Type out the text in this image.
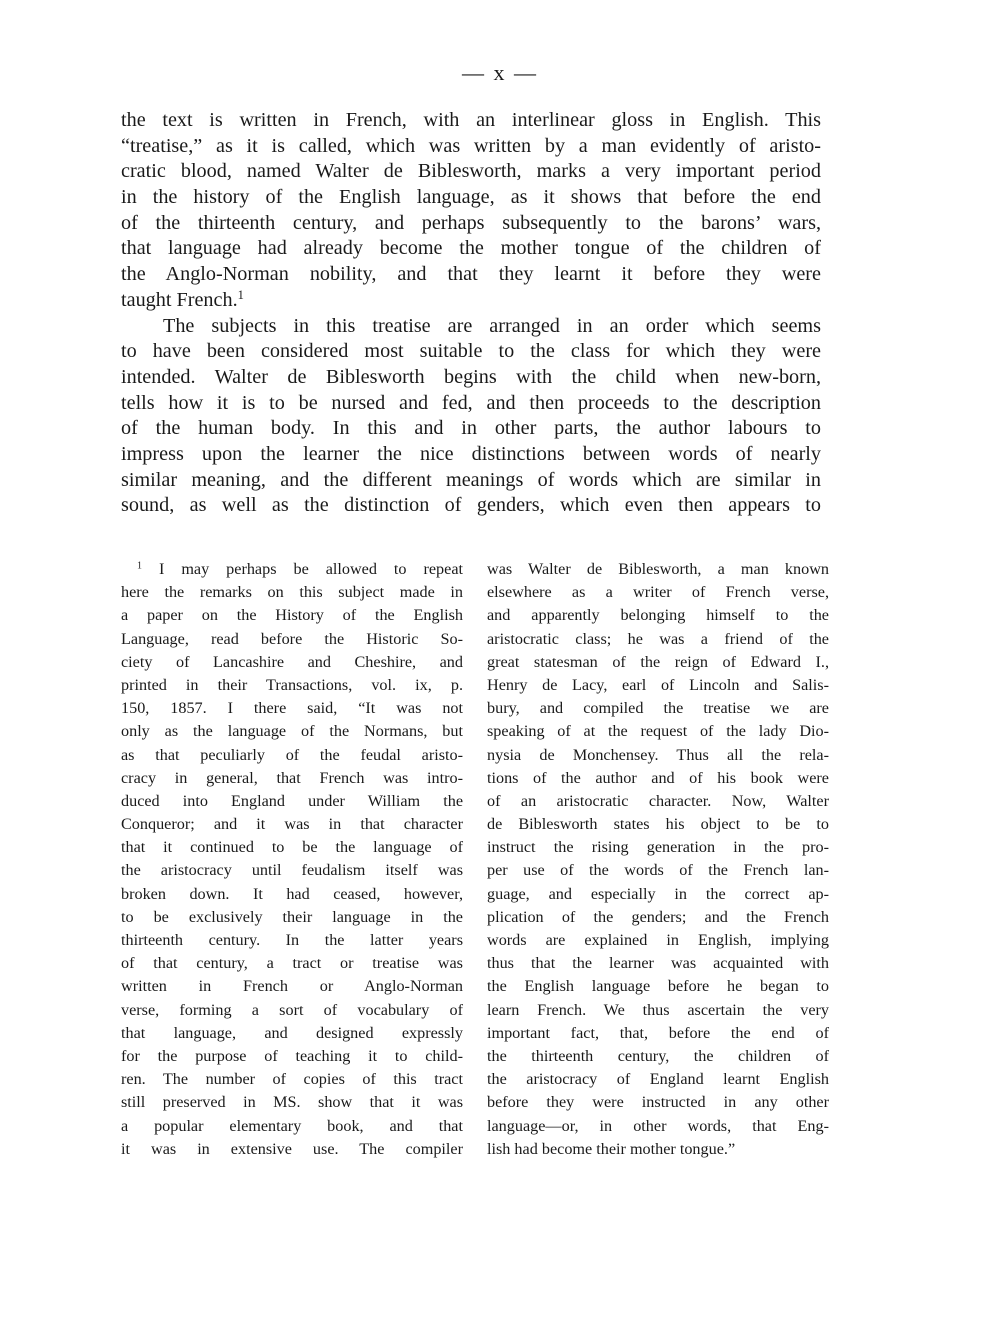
— x —
the text is written in French, with an interlinear gloss in English. This
“treatise,” as it is called, which was written by a man evidently of aristo-
cratic blood, named Walter de Biblesworth, marks a very important period
in the history of the English language, as it shows that before the end
of the thirteenth century, and perhaps subsequently to the barons’ wars,
that language had already become the mother tongue of the children of
the Anglo-Norman nobility, and that they learnt it before they were
taught French.$^1$
The subjects in this treatise are arranged in an order which seems
to have been considered most suitable to the class for which they were
intended. Walter de Biblesworth begins with the child when new-born,
tells how it is to be nursed and fed, and then proceeds to the description
of the human body. In this and in other parts, the author labours to
impress upon the learner the nice distinctions between words of nearly
similar meaning, and the different meanings of words which are similar in
sound, as well as the distinction of genders, which even then appears to
$^1$ I may perhaps be allowed to repeat
here the remarks on this subject made in
a paper on the History of the English
Language, read before the Historic So-
ciety of Lancashire and Cheshire, and
printed in their Transactions, vol. ix, p.
150, 1857. I there said, “It was not
only as the language of the Normans, but
as that peculiarly of the feudal aristo-
cracy in general, that French was intro-
duced into England under William the
Conqueror; and it was in that character
that it continued to be the language of
the aristocracy until feudalism itself was
broken down. It had ceased, however,
to be exclusively their language in the
thirteenth century. In the latter years
of that century, a tract or treatise was
written in French or Anglo-Norman
verse, forming a sort of vocabulary of
that language, and designed expressly
for the purpose of teaching it to child-
ren. The number of copies of this tract
still preserved in MS. show that it was
a popular elementary book, and that
it was in extensive use. The compiler
was Walter de Biblesworth, a man known
elsewhere as a writer of French verse,
and apparently belonging himself to the
aristocratic class; he was a friend of the
great statesman of the reign of Edward I.,
Henry de Lacy, earl of Lincoln and Salis-
bury, and compiled the treatise we are
speaking of at the request of the lady Dio-
nysia de Monchensey. Thus all the rela-
tions of the author and of his book were
of an aristocratic character. Now, Walter
de Biblesworth states his object to be to
instruct the rising generation in the pro-
per use of the words of the French lan-
guage, and especially in the correct ap-
plication of the genders; and the French
words are explained in English, implying
thus that the learner was acquainted with
the English language before he began to
learn French. We thus ascertain the very
important fact, that, before the end of
the thirteenth century, the children of
the aristocracy of England learnt English
before they were instructed in any other
language—or, in other words, that Eng-
lish had become their mother tongue.”
